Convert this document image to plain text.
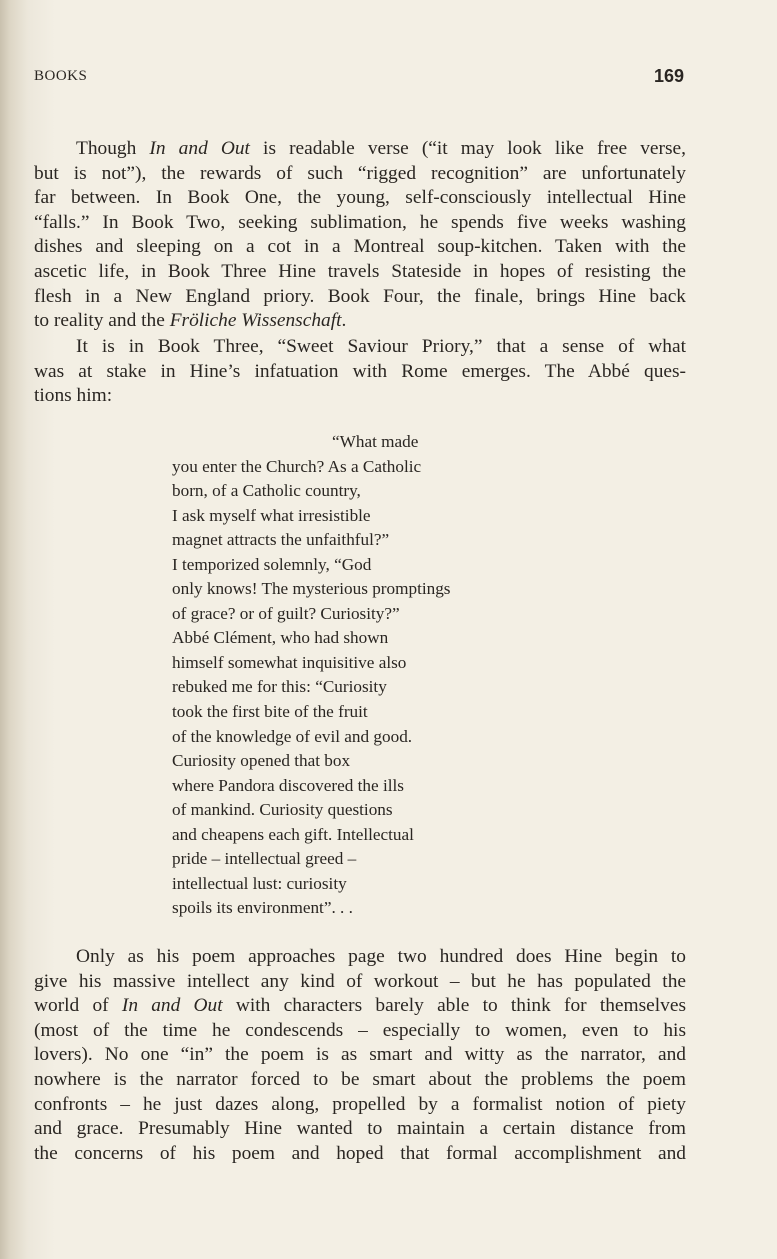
BOOKS	169
Though In and Out is readable verse (“it may look like free verse,
but is not”), the rewards of such “rigged recognition” are unfortunately
far between. In Book One, the young, self-consciously intellectual Hine
“falls.” In Book Two, seeking sublimation, he spends five weeks washing
dishes and sleeping on a cot in a Montreal soup-kitchen. Taken with the
ascetic life, in Book Three Hine travels Stateside in hopes of resisting the
flesh in a New England priory. Book Four, the finale, brings Hine back
to reality and the Fröliche Wissenschaft.
It is in Book Three, “Sweet Saviour Priory,” that a sense of what
was at stake in Hine’s infatuation with Rome emerges. The Abbé ques-
tions him:
“What made
you enter the Church? As a Catholic
born, of a Catholic country,
I ask myself what irresistible
magnet attracts the unfaithful?”
I temporized solemnly, “God
only knows! The mysterious promptings
of grace? or of guilt? Curiosity?”
Abbé Clément, who had shown
himself somewhat inquisitive also
rebuked me for this: “Curiosity
took the first bite of the fruit
of the knowledge of evil and good.
Curiosity opened that box
where Pandora discovered the ills
of mankind. Curiosity questions
and cheapens each gift. Intellectual
pride – intellectual greed –
intellectual lust: curiosity
spoils its environment”. . .
Only as his poem approaches page two hundred does Hine begin to
give his massive intellect any kind of workout – but he has populated the
world of In and Out with characters barely able to think for themselves
(most of the time he condescends – especially to women, even to his
lovers). No one “in” the poem is as smart and witty as the narrator, and
nowhere is the narrator forced to be smart about the problems the poem
confronts – he just dazes along, propelled by a formalist notion of piety
and grace. Presumably Hine wanted to maintain a certain distance from
the concerns of his poem and hoped that formal accomplishment and
